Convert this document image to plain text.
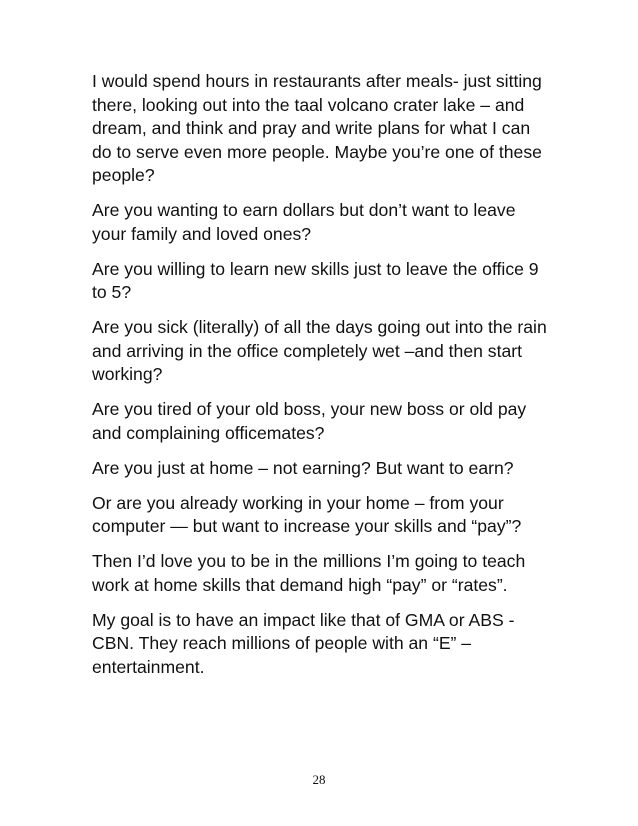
I would spend hours in restaurants after meals- just sitting there, looking out into the taal volcano crater lake – and dream, and think and pray and write plans for what I can do to serve even more people. Maybe you’re one of these people?

Are you wanting to earn dollars but don’t want to leave your family and loved ones?

Are you willing to learn new skills just to leave the office 9 to 5?

Are you sick (literally) of all the days going out into the rain and arriving in the office completely wet –and then start working?

Are you tired of your old boss, your new boss or old pay and complaining officemates?

Are you just at home – not earning? But want to earn?

Or are you already working in your home – from your computer — but want to increase your skills and “pay”?

Then I’d love you to be in the millions I’m going to teach work at home skills that demand high “pay” or “rates”.

My goal is to have an impact like that of GMA or ABS -CBN. They reach millions of people with an “E” – entertainment.

28
